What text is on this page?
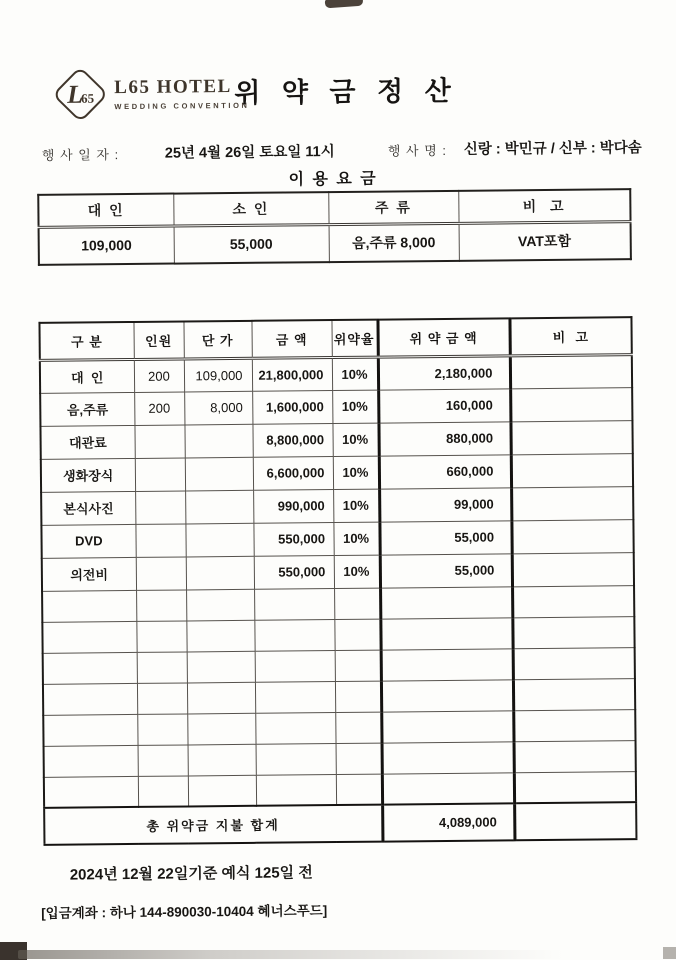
L
65 L65 HOTEL
WEDDING CONVENTION
위 약 금 정 산
행 사 일 자 :	25년 4월 26일 토요일 11시	행 사 명 : 신랑 : 박민규 / 신부 : 박다솜
이 용 요 금
대 인	소 인	주 류	비  고
109,000	55,000	음,주류 8,000	VAT포함
구 분	인원	단 가	금 액	위약율	위 약 금 액	비  고
대  인	200	109,000	21,800,000	10%	2,180,000	
음,주류	200	8,000	1,600,000	10%	160,000	
대관료			8,800,000	10%	880,000	
생화장식			6,600,000	10%	660,000	
본식사진			990,000	10%	99,000	
DVD			550,000	10%	55,000	
의전비			550,000	10%	55,000	

총 위약금 지불 합계					4,089,000	
2024년 12월 22일기준 예식 125일 전
[입금계좌 : 하나 144-890030-10404 혜너스푸드]
